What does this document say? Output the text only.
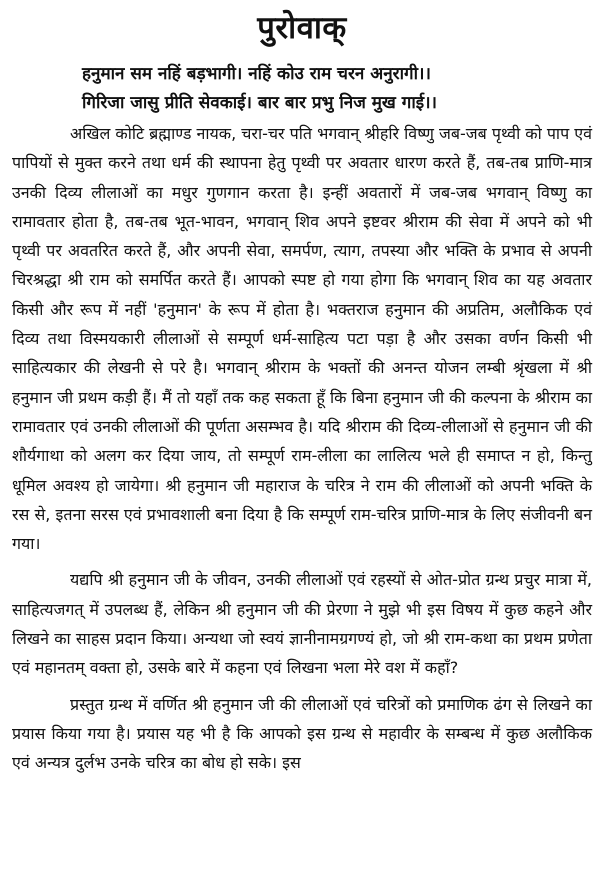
पुरोवाक्
हनुमान सम नहिं बड़भागी। नहिं कोउ राम चरन अनुरागी।।
गिरिजा जासु प्रीति सेवकाई। बार बार प्रभु निज मुख गाई।।

अखिल कोटि ब्रह्माण्ड नायक, चरा-चर पति भगवान् श्रीहरि विष्णु जब-जब पृथ्वी को पाप एवं पापियों से मुक्त करने तथा धर्म की स्थापना हेतु पृथ्वी पर अवतार धारण करते हैं, तब-तब प्राणि-मात्र उनकी दिव्य लीलाओं का मधुर गुणगान करता है। इन्हीं अवतारों में जब-जब भगवान् विष्णु का रामावतार होता है, तब-तब भूत-भावन, भगवान् शिव अपने इष्टवर श्रीराम की सेवा में अपने को भी पृथ्वी पर अवतरित करते हैं, और अपनी सेवा, समर्पण, त्याग, तपस्या और भक्ति के प्रभाव से अपनी चिरश्रद्धा श्री राम को समर्पित करते हैं। आपको स्पष्ट हो गया होगा कि भगवान् शिव का यह अवतार किसी और रूप में नहीं 'हनुमान' के रूप में होता है। भक्तराज हनुमान की अप्रतिम, अलौकिक एवं दिव्य तथा विस्मयकारी लीलाओं से सम्पूर्ण धर्म-साहित्य पटा पड़ा है और उसका वर्णन किसी भी साहित्यकार की लेखनी से परे है। भगवान् श्रीराम के भक्तों की अनन्त योजन लम्बी श्रृंखला में श्री हनुमान जी प्रथम कड़ी हैं। मैं तो यहाँ तक कह सकता हूँ कि बिना हनुमान जी की कल्पना के श्रीराम का रामावतार एवं उनकी लीलाओं की पूर्णता असम्भव है। यदि श्रीराम की दिव्य-लीलाओं से हनुमान जी की शौर्यगाथा को अलग कर दिया जाय, तो सम्पूर्ण राम-लीला का लालित्य भले ही समाप्त न हो, किन्तु धूमिल अवश्य हो जायेगा। श्री हनुमान जी महाराज के चरित्र ने राम की लीलाओं को अपनी भक्ति के रस से, इतना सरस एवं प्रभावशाली बना दिया है कि सम्पूर्ण राम-चरित्र प्राणि-मात्र के लिए संजीवनी बन गया।

यद्यपि श्री हनुमान जी के जीवन, उनकी लीलाओं एवं रहस्यों से ओत-प्रोत ग्रन्थ प्रचुर मात्रा में, साहित्यजगत् में उपलब्ध हैं, लेकिन श्री हनुमान जी की प्रेरणा ने मुझे भी इस विषय में कुछ कहने और लिखने का साहस प्रदान किया। अन्यथा जो स्वयं ज्ञानीनामग्रगण्यं हो, जो श्री राम-कथा का प्रथम प्रणेता एवं महानतम् वक्ता हो, उसके बारे में कहना एवं लिखना भला मेरे वश में कहाँ?

प्रस्तुत ग्रन्थ में वर्णित श्री हनुमान जी की लीलाओं एवं चरित्रों को प्रमाणिक ढंग से लिखने का प्रयास किया गया है। प्रयास यह भी है कि आपको इस ग्रन्थ से महावीर के सम्बन्ध में कुछ अलौकिक एवं अन्यत्र दुर्लभ उनके चरित्र का बोध हो सके। इस
